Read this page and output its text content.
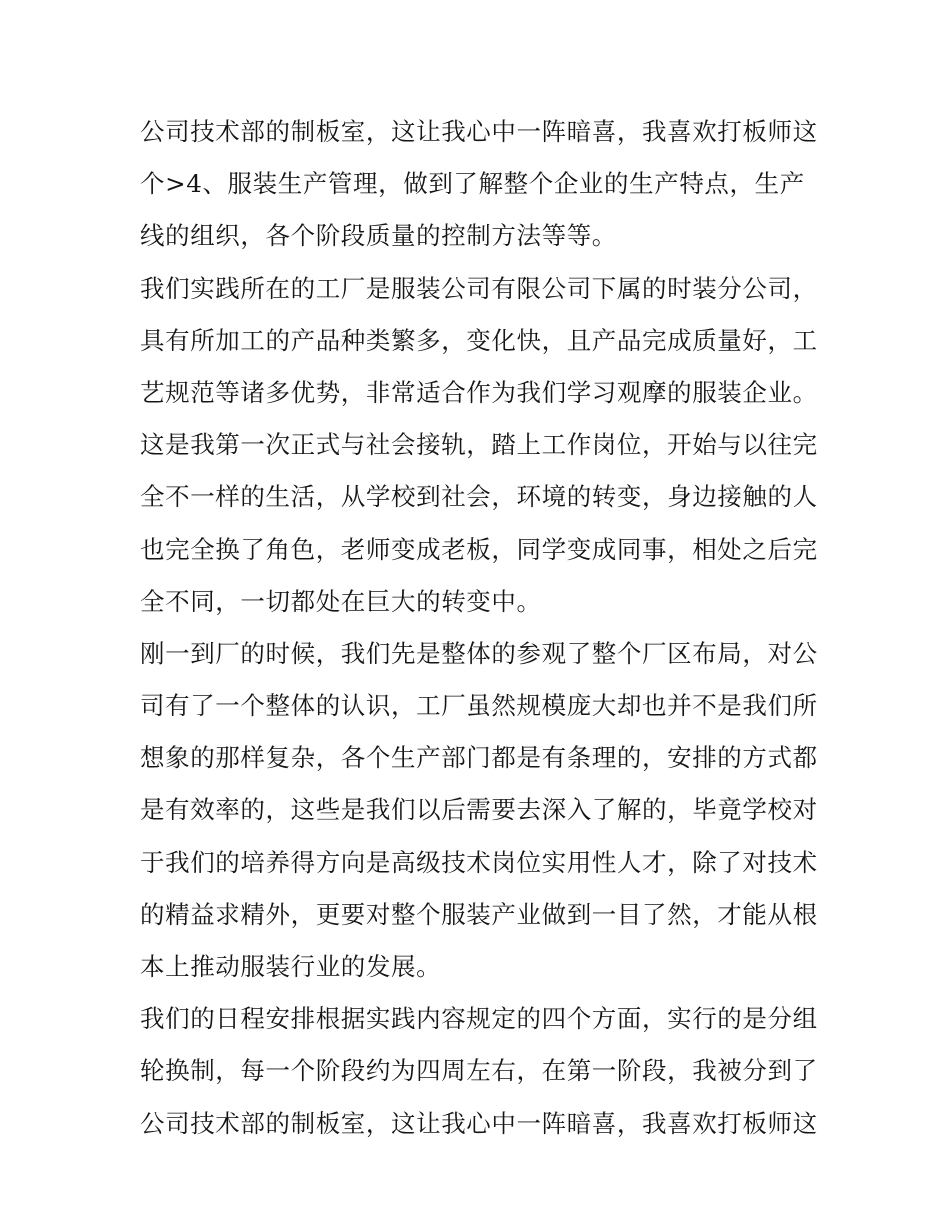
公司技术部的制板室，这让我心中一阵暗喜，我喜欢打板师这
个>4、服装生产管理，做到了解整个企业的生产特点，生产
线的组织，各个阶段质量的控制方法等等。
我们实践所在的工厂是服装公司有限公司下属的时装分公司，
具有所加工的产品种类繁多，变化快，且产品完成质量好，工
艺规范等诸多优势，非常适合作为我们学习观摩的服装企业。
这是我第一次正式与社会接轨，踏上工作岗位，开始与以往完
全不一样的生活，从学校到社会，环境的转变，身边接触的人
也完全换了角色，老师变成老板，同学变成同事，相处之后完
全不同，一切都处在巨大的转变中。
刚一到厂的时候，我们先是整体的参观了整个厂区布局，对公
司有了一个整体的认识，工厂虽然规模庞大却也并不是我们所
想象的那样复杂，各个生产部门都是有条理的，安排的方式都
是有效率的，这些是我们以后需要去深入了解的，毕竟学校对
于我们的培养得方向是高级技术岗位实用性人才，除了对技术
的精益求精外，更要对整个服装产业做到一目了然，才能从根
本上推动服装行业的发展。
我们的日程安排根据实践内容规定的四个方面，实行的是分组
轮换制，每一个阶段约为四周左右，在第一阶段，我被分到了
公司技术部的制板室，这让我心中一阵暗喜，我喜欢打板师这
